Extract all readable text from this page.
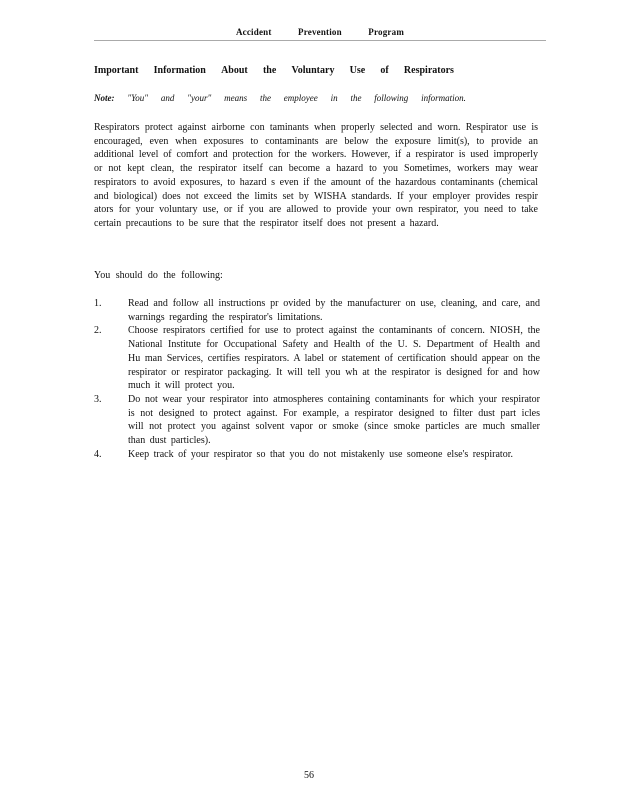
Accident	Prevention	Program
Important Information About the Voluntary Use of Respirators
Note: "You" and "your" means the employee in the following information.

Respirators protect against airborne con taminants when properly selected and worn. Respirator use is encouraged, even when exposures to contaminants are below the exposure limit(s), to provide an additional level of comfort and protection for the workers. However, if a respirator is used improperly or not kept clean, the respirator itself can become a hazard to you Sometimes, workers may wear respirators to avoid exposures, to hazard s even if the amount of the hazardous contaminants (chemical and biological) does not exceed the limits set by WISHA standards. If your employer provides respir ators for your voluntary use, or if you are allowed to provide your own respirator, you need to take certain precautions to be sure that the respirator itself does not present a hazard.

You should do the following:

1.	Read and follow all instructions pr ovided by the manufacturer on use, cleaning, and care, and warnings regarding the respirator's limitations.
2.	Choose respirators certified for use to protect against the contaminants of concern. NIOSH, the National Institute for Occupational Safety and Health of the U. S. Department of Health and Hu man Services, certifies respirators. A label or statement of certification should appear on the respirator or respirator packaging. It will tell you wh at the respirator is designed for and how much it will protect you.
3.	Do not wear your respirator into atmospheres containing contaminants for which your respirator is not designed to protect against. For example, a respirator designed to filter dust part icles will not protect you against solvent vapor or smoke (since smoke particles are much smaller than dust particles).
4.	Keep track of your respirator so that you do not mistakenly use someone else's respirator.
56
